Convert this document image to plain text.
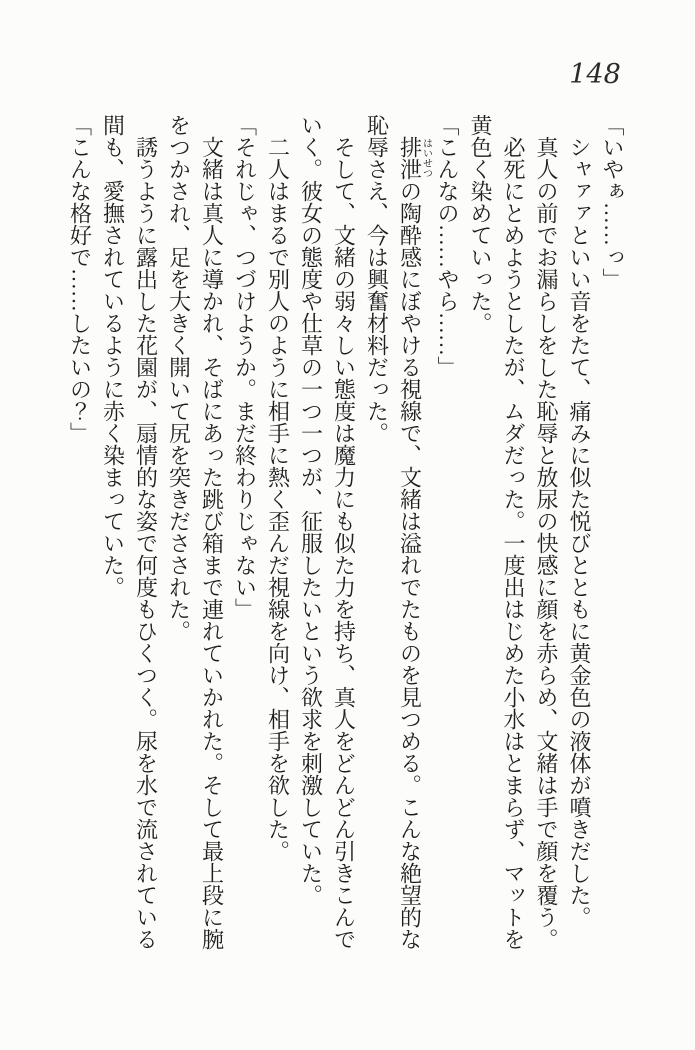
148

「いやぁ……っ」

シャァァといい音をたて、痛みに似た悦びとともに黄金色の液体が噴きだした。

真人の前でお漏らしをした恥辱と放尿の快感に顔を赤らめ、文緒は手で顔を覆う。

必死にとめようとしたが、ムダだった。一度出はじめた小水はとまらず、マットを黄色く染めていった。

「こんなの……やら……」

排泄はいせつの陶酔感にぼやける視線で、文緒は溢れでたものを見つめる。こんな絶望的な恥辱さえ、今は興奮材料だった。

そして、文緒の弱々しい態度は魔力にも似た力を持ち、真人をどんどん引きこんでいく。彼女の態度や仕草の一つ一つが、征服したいという欲求を刺激していた。

二人はまるで別人のように相手に熱く歪んだ視線を向け、相手を欲した。

「それじゃ、つづけようか。まだ終わりじゃない」

文緒は真人に導かれ、そばにあった跳び箱まで連れていかれた。そして最上段に腕をつかされ、足を大きく開いて尻を突きださされた。

誘うように露出した花園が、扇情的な姿で何度もひくつく。尿を水で流されている間も、愛撫されているように赤く染まっていた。

「こんな格好で……したいの？」
